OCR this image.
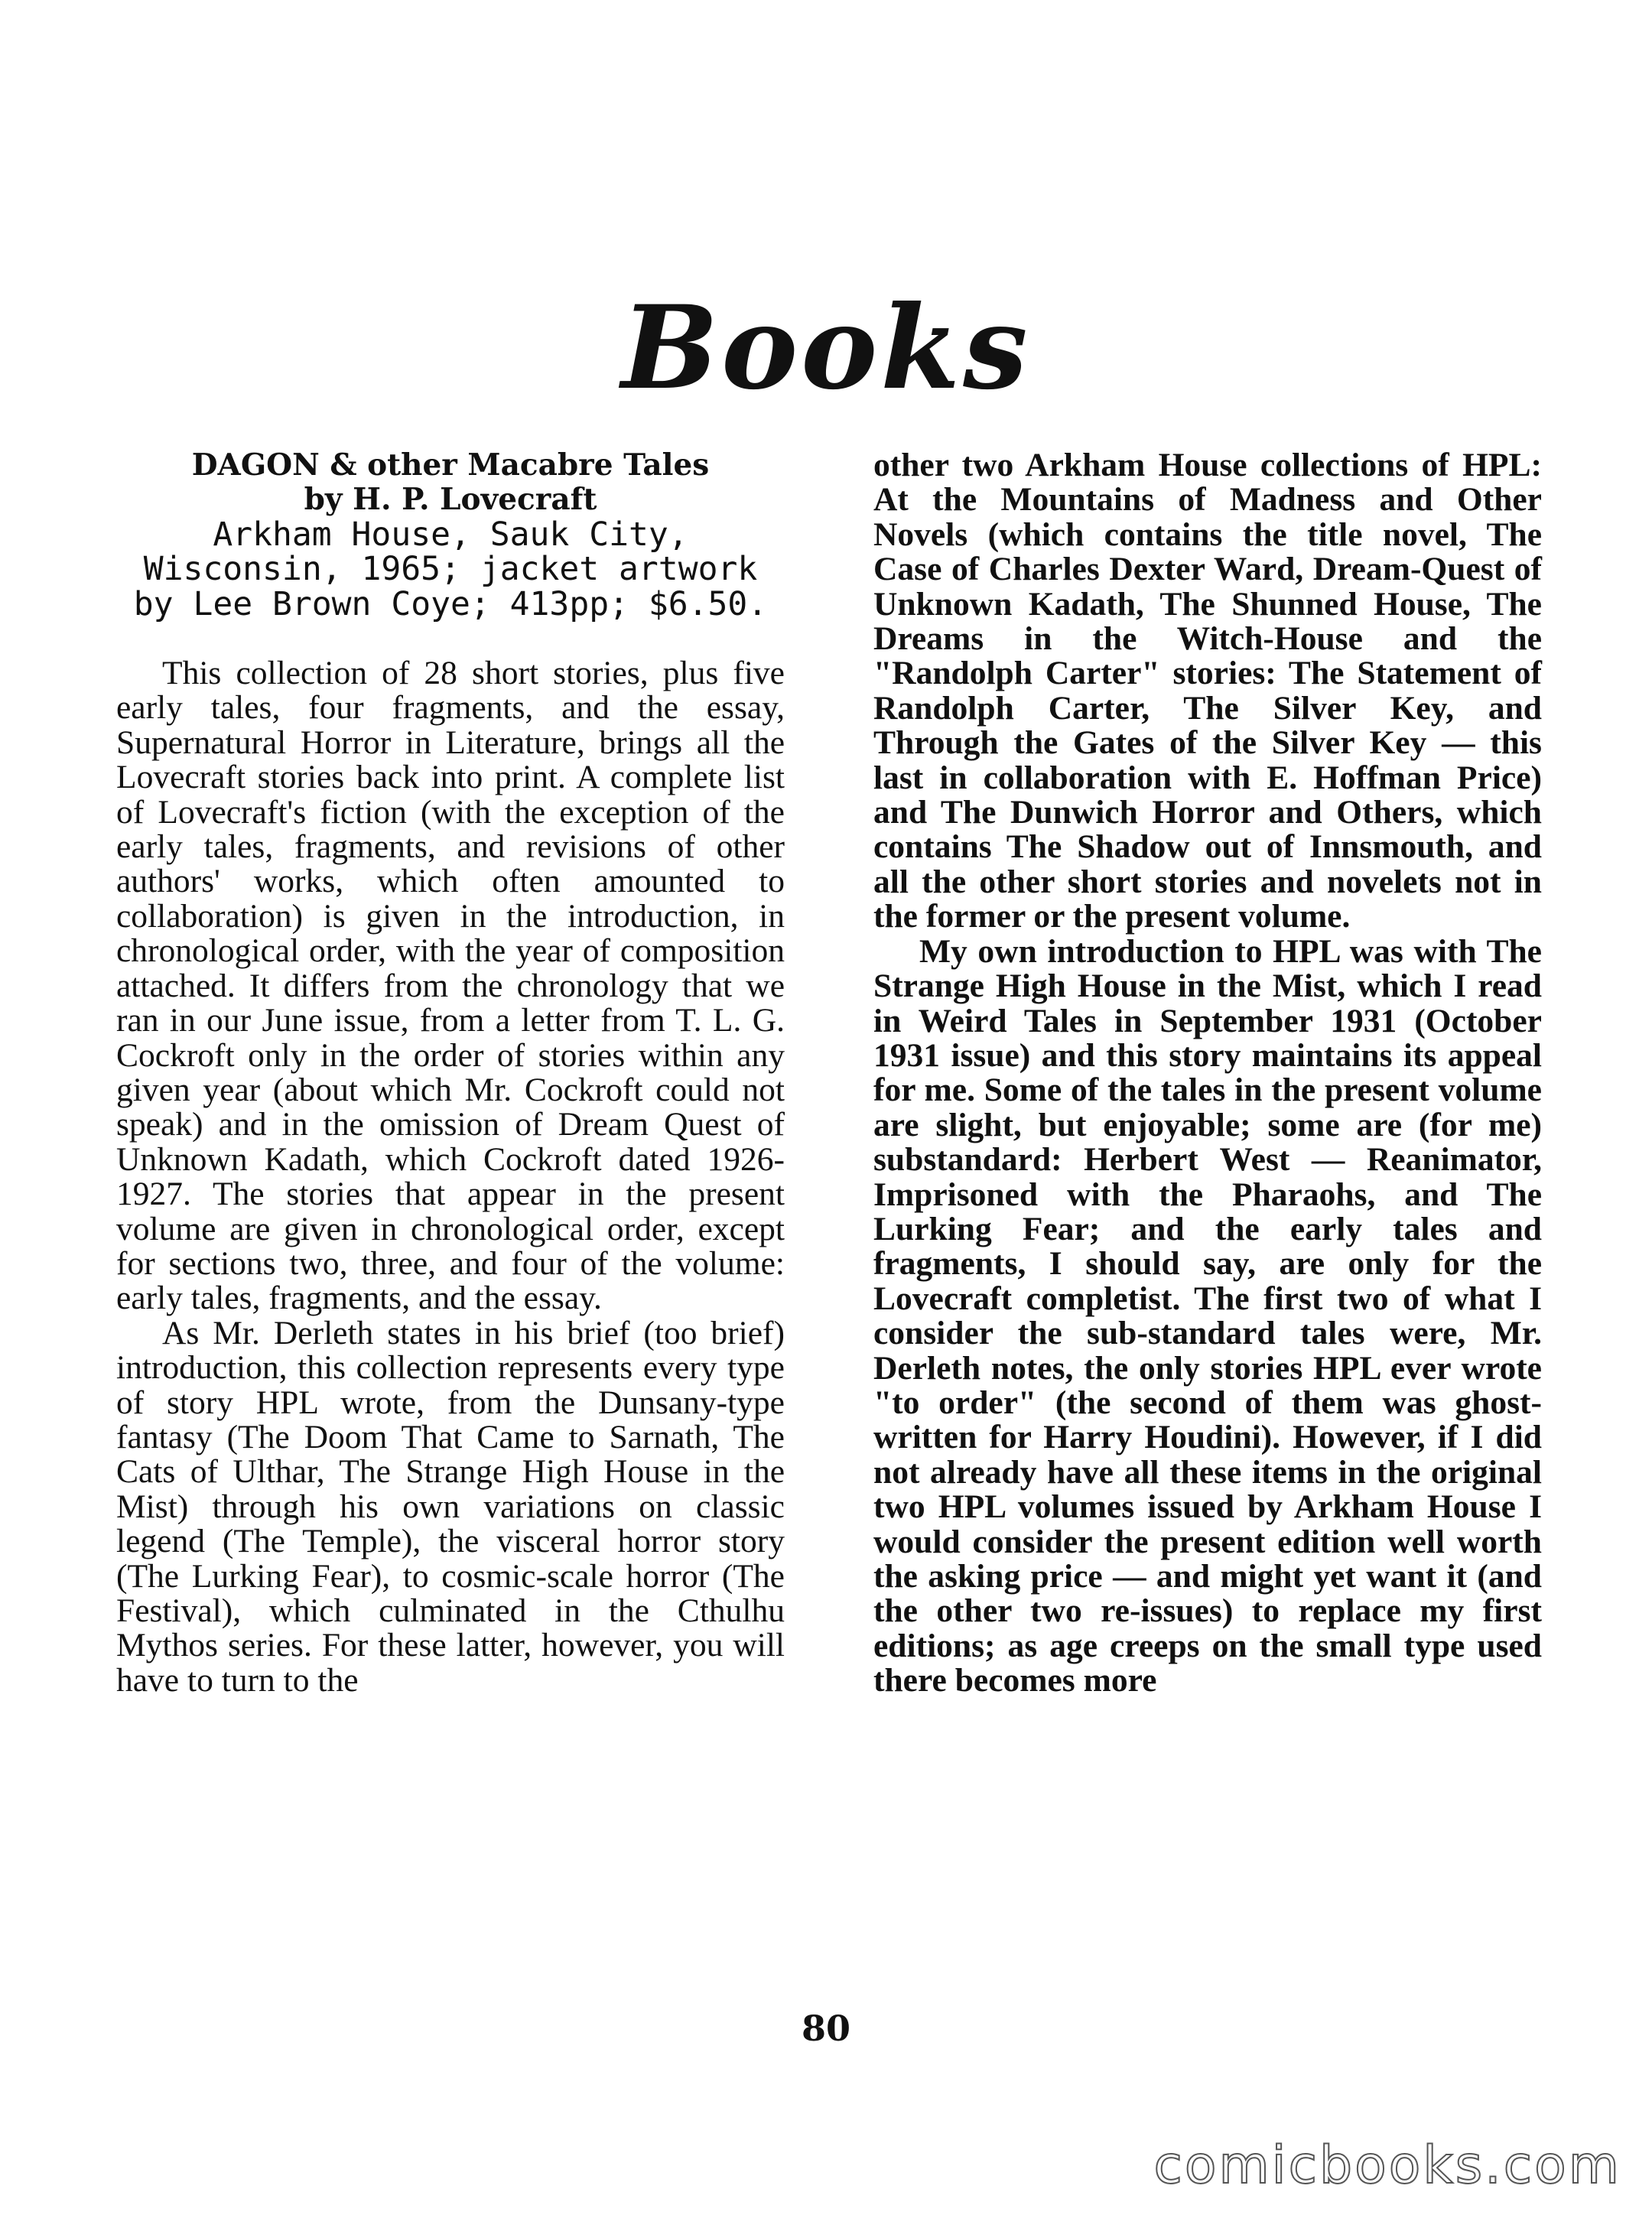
Books
DAGON & other Macabre Tales
by H. P. Lovecraft
Arkham House, Sauk City, Wisconsin, 1965; jacket artwork by Lee Brown Coye; 413pp; $6.50.

This collection of 28 short stories, plus five early tales, four fragments, and the essay, Supernatural Horror in Literature, brings all the Lovecraft stories back into print. A complete list of Lovecraft's fiction (with the exception of the early tales, fragments, and revisions of other authors' works, which often amounted to collaboration) is given in the introduction, in chronological order, with the year of composition attached. It differs from the chronology that we ran in our June issue, from a letter from T. L. G. Cockroft only in the order of stories within any given year (about which Mr. Cockroft could not speak) and in the omission of Dream Quest of Unknown Kadath, which Cockroft dated 1926-1927. The stories that appear in the present volume are given in chronological order, except for sections two, three, and four of the volume: early tales, fragments, and the essay.

As Mr. Derleth states in his brief (too brief) introduction, this collection represents every type of story HPL wrote, from the Dunsany-type fantasy (The Doom That Came to Sarnath, The Cats of Ulthar, The Strange High House in the Mist) through his own variations on classic legend (The Temple), the visceral horror story (The Lurking Fear), to cosmic-scale horror (The Festival), which culminated in the Cthulhu Mythos series. For these latter, however, you will have to turn to the

other two Arkham House collections of HPL: At the Mountains of Madness and Other Novels (which contains the title novel, The Case of Charles Dexter Ward, Dream-Quest of Unknown Kadath, The Shunned House, The Dreams in the Witch-House and the "Randolph Carter" stories: The Statement of Randolph Carter, The Silver Key, and Through the Gates of the Silver Key — this last in collaboration with E. Hoffman Price) and The Dunwich Horror and Others, which contains The Shadow out of Innsmouth, and all the other short stories and novelets not in the former or the present volume.

My own introduction to HPL was with The Strange High House in the Mist, which I read in Weird Tales in September 1931 (October 1931 issue) and this story maintains its appeal for me. Some of the tales in the present volume are slight, but enjoyable; some are (for me) substandard: Herbert West — Reanimator, Imprisoned with the Pharaohs, and The Lurking Fear; and the early tales and fragments, I should say, are only for the Lovecraft completist. The first two of what I consider the sub-standard tales were, Mr. Derleth notes, the only stories HPL ever wrote "to order" (the second of them was ghost-written for Harry Houdini). However, if I did not already have all these items in the original two HPL volumes issued by Arkham House I would consider the present edition well worth the asking price — and might yet want it (and the other two re-issues) to replace my first editions; as age creeps on the small type used there becomes more

80
comicbooks.com
